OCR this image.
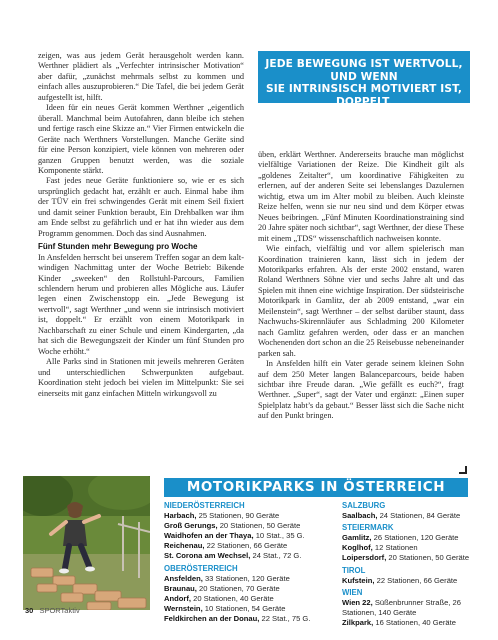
zeigen, was aus jedem Gerät herausgeholt werden kann. Werthner plädiert als „Verfechter intrinsischer Motivation“ aber dafür, „zunächst mehrmals selbst zu kommen und einfach alles auszuprobieren.“ Die Tafel, die bei jedem Gerät aufgestellt ist, hilft.

Ideen für ein neues Gerät kommen Werthner „eigentlich überall. Manchmal beim Autofahren, dann bleibe ich stehen und fertige rasch eine Skizze an.“ Vier Firmen entwickeln die Geräte nach Werthners Vorstellungen. Manche Geräte sind für eine Person konzipiert, viele können von mehreren oder ganzen Gruppen benutzt werden, was die soziale Komponente stärkt.

Fast jedes neue Geräte funktioniere so, wie er es sich ursprünglich gedacht hat, erzählt er auch. Einmal habe ihm der TÜV ein frei schwingendes Gerät mit einem Seil fixiert und damit seiner Funktion beraubt, Ein Drehbalken war ihm am Ende selbst zu gefährlich und er hat ihn wieder aus dem Programm genommen. Doch das sind Ausnahmen.

Fünf Stunden mehr Bewegung pro Woche

In Ansfelden herrscht bei unserem Treffen sogar an dem kalt-windigen Nachmittag unter der Woche Betrieb: Bikende Kinder „sweeken“ den Rollstuhl-Parcours, Familien schlendern herum und probieren alles Mögliche aus. Läufer legen einen Zwischenstopp ein. „Jede Bewegung ist wertvoll“, sagt Werthner „und wenn sie intrinsisch motiviert ist, doppelt.“ Er erzählt von einem Motorikpark in Nachbarschaft zu einer Schule und einem Kindergarten, „da hat sich die Bewegungszeit der Kinder um fünf Stunden pro Woche erhöht.“

Alle Parks sind in Stationen mit jeweils mehreren Geräten und unterschiedlichen Schwerpunkten aufgebaut. Koordination steht jedoch bei vielen im Mittelpunkt: Sie sei einerseits mit ganz einfachen Mitteln wirkungsvoll zu

JEDE BEWEGUNG IST WERTVOLL, UND WENN
SIE INTRINSISCH MOTIVIERT IST, DOPPELT.

üben, erklärt Werthner. Andererseits brauche man möglichst vielfältige Variationen der Reize. Die Kindheit gilt als „goldenes Zeitalter“, um koordinative Fähigkeiten zu erlernen, auf der anderen Seite sei lebenslanges Dazulernen wichtig, etwa um im Alter mobil zu bleiben. Auch kleinste Reize helfen, wenn sie nur neu sind und dem Körper etwas Neues beibringen. „Fünf Minuten Koordinationstraining sind 20 Jahre später noch sichtbar“, sagt Werthner, der diese These mit einem „TDS“ wissenschaftlich nachweisen konnte.

Wie einfach, vielfältig und vor allem spielerisch man Koordination trainieren kann, lässt sich in jedem der Motorikparks erfahren. Als der erste 2002 enstand, waren Roland Werthners Söhne vier und sechs Jahre alt und das Spielen mit ihnen eine wichtige Inspiration. Der südsteirische Motorikpark in Gamlitz, der ab 2009 entstand, „war ein Meilenstein“, sagt Werthner – der selbst darüber staunt, dass Nachwuchs-Skirennläufer aus Schladming 200 Kilometer nach Gamlitz gefahren werden, oder dass er an manchen Wochenenden dort schon an die 25 Reisebusse nebeneinander parken sah.

In Ansfelden hilft ein Vater gerade seinem kleinen Sohn auf dem 250 Meter langen Balanceparcours, beide haben sichtbar ihre Freude daran. „Wie gefällt es euch?“, fragt Werthner. „Super“, sagt der Vater und ergänzt: „Einen super Spielplatz habt’s da gebaut.“ Besser lässt sich die Sache nicht auf den Punkt bringen.

MOTORIKPARKS IN ÖSTERREICH
NIEDERÖSTERREICH
Harbach, 25 Stationen, 90 Geräte
Groß Gerungs, 20 Stationen, 50 Geräte
Waidhofen an der Thaya, 10 Stat., 35 G.
Reichenau, 22 Stationen, 66 Geräte
St. Corona am Wechsel, 24 Stat., 72 G.
OBERÖSTERREICH
Ansfelden, 33 Stationen, 120 Geräte
Braunau, 20 Stationen, 70 Geräte
Andorf, 20 Stationen, 40 Geräte
Wernstein, 10 Stationen, 54 Geräte
Feldkirchen an der Donau, 22 Stat., 75 G.
SALZBURG
Saalbach, 24 Stationen, 84 Geräte
STEIERMARK
Gamlitz, 26 Stationen, 120 Geräte
Koglhof, 12 Stationen
Loipersdorf, 20 Stationen, 50 Geräte
TIROL
Kufstein, 22 Stationen, 66 Geräte
WIEN
Wien 22, Süßenbrunner Straße, 26 Stationen, 140 Geräte
Zilkpark, 16 Stationen, 40 Geräte
30 SPORTaktiv
